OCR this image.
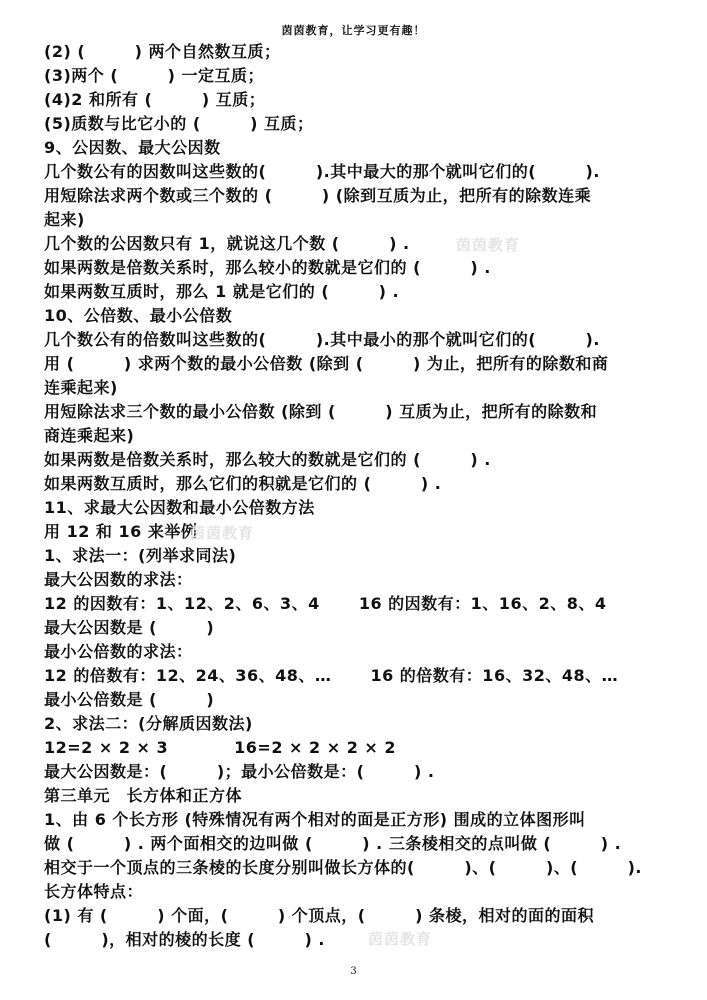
茵茵教育，让学习更有趣！
(2) (　　　) 两个自然数互质；
(3)两个 (　　　) 一定互质；
(4)2 和所有 (　　　) 互质；
(5)质数与比它小的 (　　　) 互质；
9、公因数、最大公因数
几个数公有的因数叫这些数的(　　　).其中最大的那个就叫它们的(　　　).
用短除法求两个数或三个数的 (　　　) (除到互质为止，把所有的除数连乘
起来)
几个数的公因数只有 1，就说这几个数 (　　　) .
如果两数是倍数关系时，那么较小的数就是它们的 (　　　) .
如果两数互质时，那么 1 就是它们的 (　　　) .
10、公倍数、最小公倍数
几个数公有的倍数叫这些数的(　　　).其中最小的那个就叫它们的(　　　).
用 (　　　) 求两个数的最小公倍数 (除到 (　　　) 为止，把所有的除数和商
连乘起来)
用短除法求三个数的最小公倍数 (除到 (　　　) 互质为止，把所有的除数和
商连乘起来)
如果两数是倍数关系时，那么较大的数就是它们的 (　　　) .
如果两数互质时，那么它们的积就是它们的 (　　　) .
11、求最大公因数和最小公倍数方法
用 12 和 16 来举例
1、求法一：(列举求同法)
最大公因数的求法：
12 的因数有：1、12、2、6、3、4　　 16 的因数有：1、16、2、8、4
最大公因数是 (　　　)
最小公倍数的求法：
12 的倍数有：12、24、36、48、…　　 16 的倍数有：16、32、48、…
最小公倍数是 (　　　)
2、求法二：(分解质因数法)
12=2 × 2 × 3　　　　16=2 × 2 × 2 × 2
最大公因数是：(　　　)；最小公倍数是：(　　　) .
第三单元　长方体和正方体
1、由 6 个长方形 (特殊情况有两个相对的面是正方形) 围成的立体图形叫
做 (　　　) . 两个面相交的边叫做 (　　　) . 三条棱相交的点叫做 (　　　) .
相交于一个顶点的三条棱的长度分别叫做长方体的(　　　)、(　　　)、(　　　).
长方体特点：
(1) 有 (　　　) 个面，(　　　) 个顶点，(　　　) 条棱，相对的面的面积
(　　　)，相对的棱的长度 (　　　) .
茵茵教育
茵茵教育
茵茵教育
3
